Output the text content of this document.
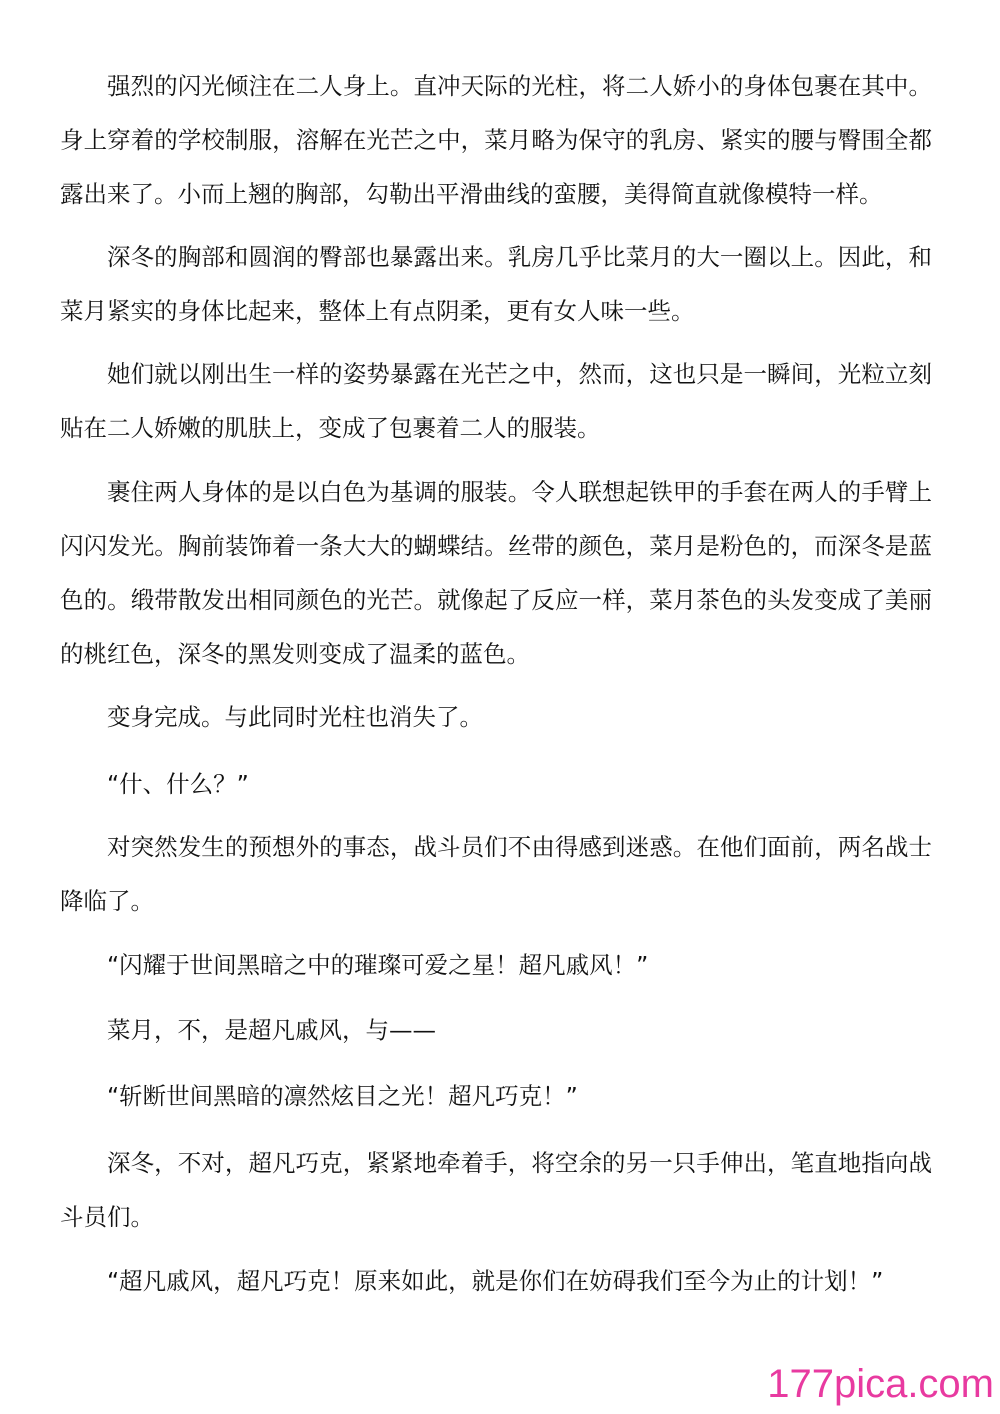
强烈的闪光倾注在二人身上。直冲天际的光柱，将二人娇小的身体包裹在其中。身上穿着的学校制服，溶解在光芒之中，菜月略为保守的乳房、紧实的腰与臀围全都露出来了。小而上翘的胸部，勾勒出平滑曲线的蛮腰，美得简直就像模特一样。

深冬的胸部和圆润的臀部也暴露出来。乳房几乎比菜月的大一圈以上。因此，和菜月紧实的身体比起来，整体上有点阴柔，更有女人味一些。

她们就以刚出生一样的姿势暴露在光芒之中，然而，这也只是一瞬间，光粒立刻贴在二人娇嫩的肌肤上，变成了包裹着二人的服装。

裹住两人身体的是以白色为基调的服装。令人联想起铁甲的手套在两人的手臂上闪闪发光。胸前装饰着一条大大的蝴蝶结。丝带的颜色，菜月是粉色的，而深冬是蓝色的。缎带散发出相同颜色的光芒。就像起了反应一样，菜月茶色的头发变成了美丽的桃红色，深冬的黑发则变成了温柔的蓝色。

变身完成。与此同时光柱也消失了。

“什、什么？”

对突然发生的预想外的事态，战斗员们不由得感到迷惑。在他们面前，两名战士降临了。

“闪耀于世间黑暗之中的璀璨可爱之星！超凡戚风！”

菜月，不，是超凡戚风，与——

“斩断世间黑暗的凛然炫目之光！超凡巧克！”

深冬，不对，超凡巧克，紧紧地牵着手，将空余的另一只手伸出，笔直地指向战斗员们。

“超凡戚风，超凡巧克！原来如此，就是你们在妨碍我们至今为止的计划！”

177pica.com
